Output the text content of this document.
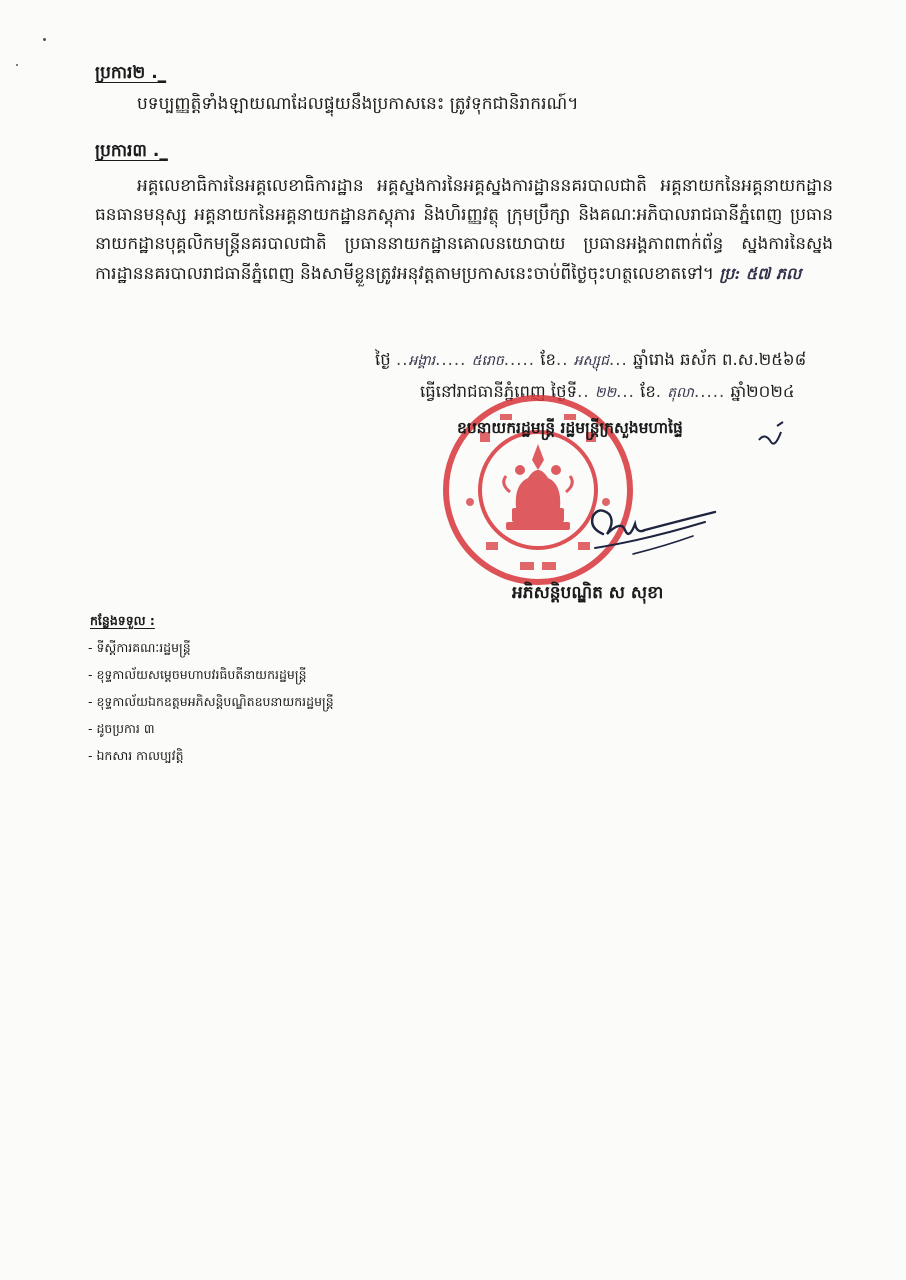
ប្រការ២ ._
បទប្បញ្ញត្តិទាំងឡាយណាដែលផ្ទុយនឹងប្រកាសនេះ ត្រូវទុកជានិរាករណ៍។
ប្រការ៣ ._
អគ្គលេខាធិការនៃអគ្គលេខាធិការដ្ឋាន អគ្គស្នងការនៃអគ្គស្នងការដ្ឋាននគរបាលជាតិ អគ្គនាយកនៃអគ្គនាយកដ្ឋានធនធានមនុស្ស អគ្គនាយកនៃអគ្គនាយកដ្ឋានភស្តុភារ និងហិរញ្ញវត្ថុ ក្រុមប្រឹក្សា និងគណៈអភិបាលរាជធានីភ្នំពេញ ប្រធាននាយកដ្ឋានបុគ្គលិកមន្រ្តីនគរបាលជាតិ ប្រធាននាយកដ្ឋានគោលនយោបាយ ប្រធានអង្គភាពពាក់ព័ន្ធ ស្នងការនៃស្នងការដ្ឋាននគរបាលរាជធានីភ្នំពេញ និងសាមីខ្លួនត្រូវអនុវត្តតាមប្រកាសនេះចាប់ពីថ្ងៃចុះហត្ថលេខាតទៅ។ ប្រ: ៥៧ ភល
ថ្ងៃ ..អង្គារ..... ៥រោច..... ខែ.. អស្សុជ... ឆ្នាំរោង ឆស័ក ព.ស.២៥៦៨
ធ្វើនៅរាជធានីភ្នំពេញ ថ្ងៃទី.. ២២... ខែ. តុលា..... ឆ្នាំ២០២៤
ឧបនាយករដ្ឋមន្ត្រី រដ្ឋមន្ត្រីក្រសួងមហាផ្ទៃ
អភិសន្តិបណ្ឌិត ស សុខា
កន្លែងទទួល :
- ទីស្តីការគណៈរដ្ឋមន្ត្រី
- ខុទ្ទកាល័យសម្តេចមហាបវរធិបតីនាយករដ្ឋមន្ត្រី
- ខុទ្ទកាល័យឯកឧត្តមអភិសន្តិបណ្ឌិតឧបនាយករដ្ឋមន្ត្រី
- ដូចប្រការ ៣
- ឯកសារ កាលប្បវត្តិ
